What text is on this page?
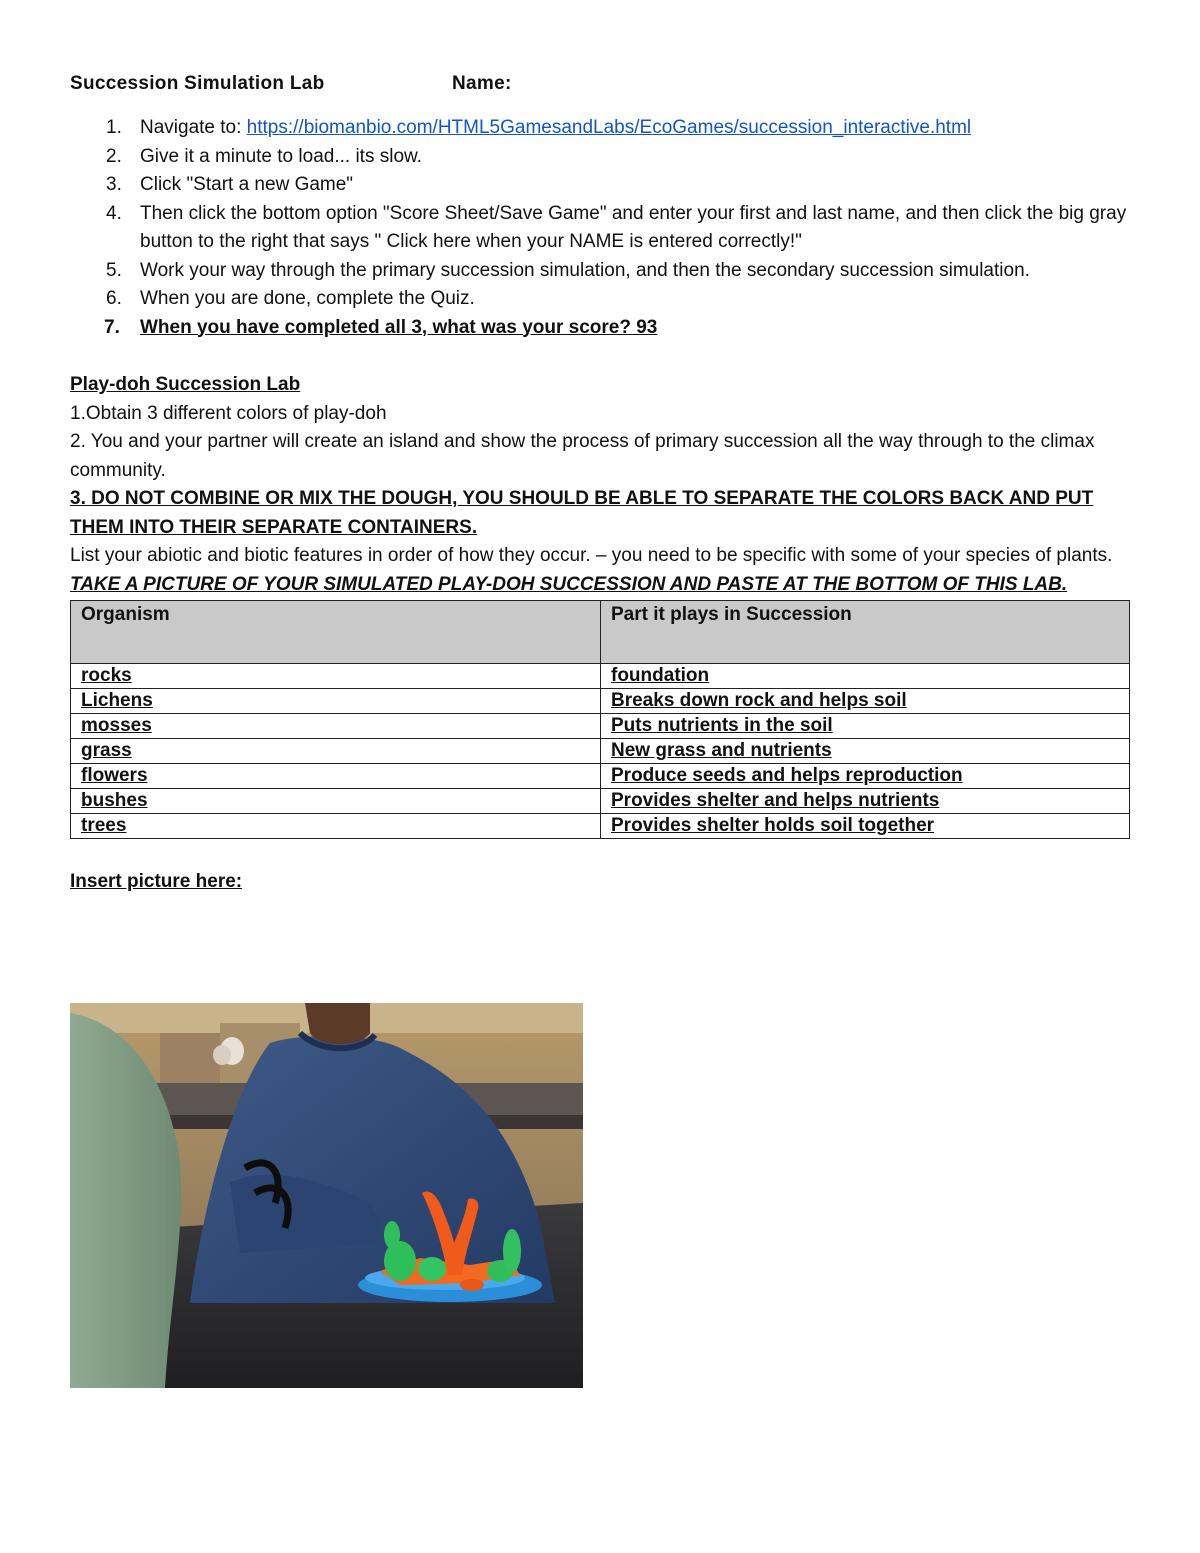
Succession Simulation Lab	Name:
1. Navigate to: https://biomanbio.com/HTML5GamesandLabs/EcoGames/succession_interactive.html
2. Give it a minute to load... its slow.
3. Click "Start a new Game"
4. Then click the bottom option "Score Sheet/Save Game" and enter your first and last name, and then click the big gray button to the right that says " Click here when your NAME is entered correctly!"
5. Work your way through the primary succession simulation, and then the secondary succession simulation.
6. When you are done, complete the Quiz.
7. When you have completed all 3, what was your score? 93
Play-doh Succession Lab

1.Obtain 3 different colors of play-doh

2. You and your partner will create an island and show the process of primary succession all the way through to the climax community.

3. DO NOT COMBINE OR MIX THE DOUGH, YOU SHOULD BE ABLE TO SEPARATE THE COLORS BACK AND PUT THEM INTO THEIR SEPARATE CONTAINERS.

List your abiotic and biotic features in order of how they occur. – you need to be specific with some of your species of plants. TAKE A PICTURE OF YOUR SIMULATED PLAY-DOH SUCCESSION AND PASTE AT THE BOTTOM OF THIS LAB.

Organism	Part it plays in Succession
rocks	foundation
Lichens	Breaks down rock and helps soil
mosses	Puts nutrients in the soil
grass	New grass and nutrients
flowers	Produce seeds and helps reproduction
bushes	Provides shelter and helps nutrients
trees	Provides shelter holds soil together
Insert picture here:
